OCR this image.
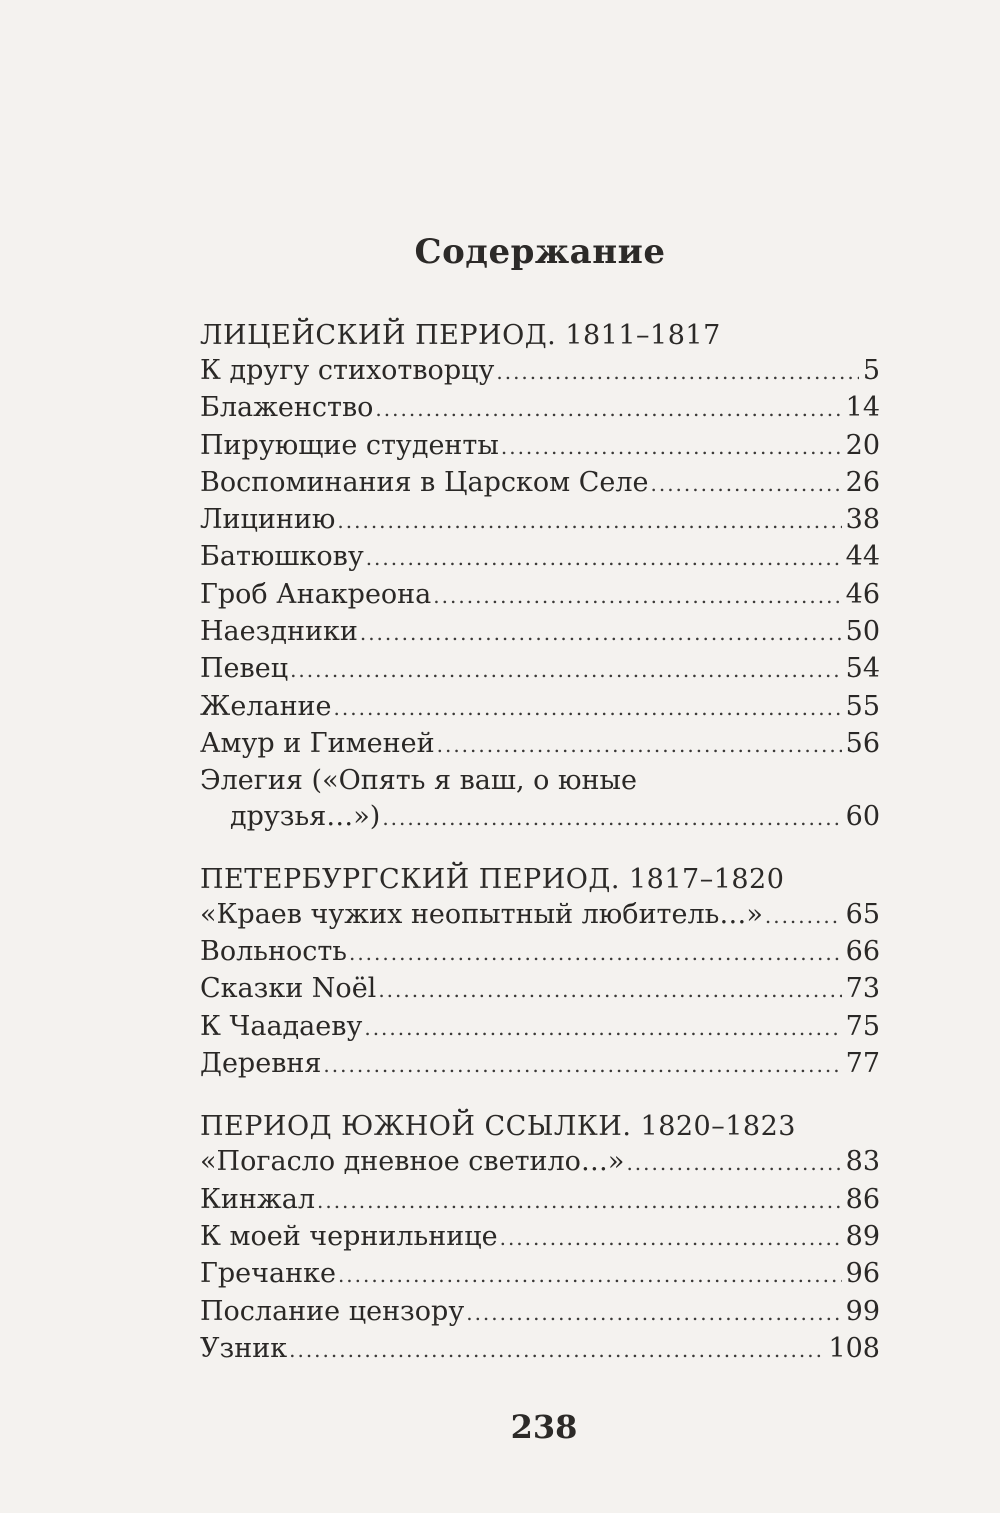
Содержание
ЛИЦЕЙСКИЙ ПЕРИОД. 1811–1817
К другу стихотворцу .....	5
Блаженство .....	14
Пирующие студенты .....	20
Воспоминания в Царском Селе .....	26
Лицинию .....	38
Батюшкову .....	44
Гроб Анакреона .....	46
Наездники .....	50
Певец .....	54
Желание .....	55
Амур и Гименей .....	56
Элегия («Опять я ваш, о юные
друзья…») .....	60
ПЕТЕРБУРГСКИЙ ПЕРИОД. 1817–1820
«Краев чужих неопытный любитель…» .....	65
Вольность .....	66
Сказки Noël .....	73
К Чаадаеву .....	75
Деревня .....	77
ПЕРИОД ЮЖНОЙ ССЫЛКИ. 1820–1823
«Погасло дневное светило…» .....	83
Кинжал .....	86
К моей чернильнице .....	89
Гречанке .....	96
Послание цензору .....	99
Узник .....	108
238
